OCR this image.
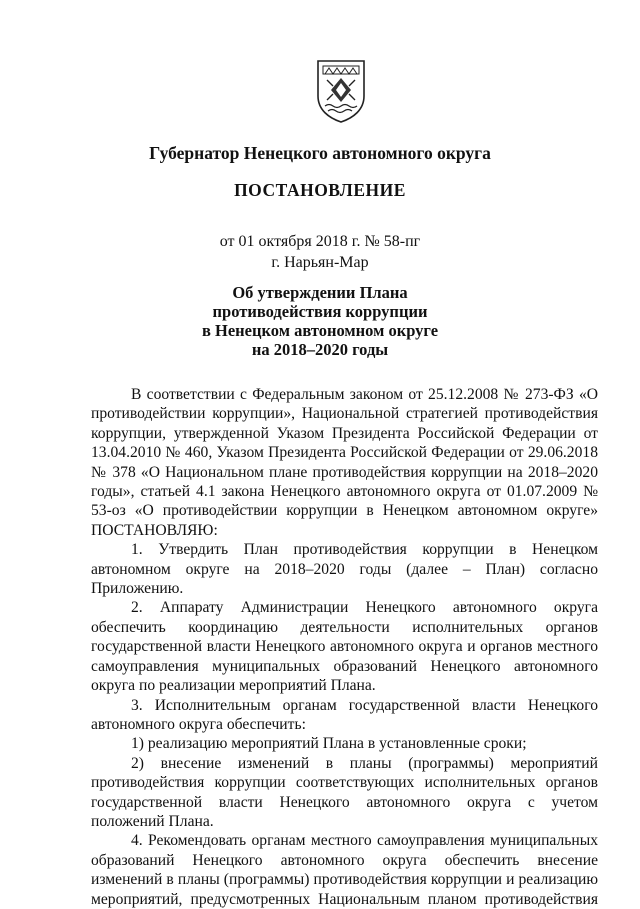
Губернатор Ненецкого автономного округа
ПОСТАНОВЛЕНИЕ
от 01 октября 2018 г. № 58-пг
г. Нарьян-Мар
Об утверждении Плана
противодействия коррупции
в Ненецком автономном округе
на 2018–2020 годы

В соответствии с Федеральным законом от 25.12.2008 № 273-ФЗ «О противодействии коррупции», Национальной стратегией противодействия коррупции, утвержденной Указом Президента Российской Федерации от 13.04.2010 № 460, Указом Президента Российской Федерации от 29.06.2018 № 378 «О Национальном плане противодействия коррупции на 2018–2020 годы», статьей 4.1 закона Ненецкого автономного округа от 01.07.2009 № 53-оз «О противодействии коррупции в Ненецком автономном округе» ПОСТАНОВЛЯЮ:

1. Утвердить План противодействия коррупции в Ненецком автономном округе на 2018–2020 годы (далее – План) согласно Приложению.

2. Аппарату Администрации Ненецкого автономного округа обеспечить координацию деятельности исполнительных органов государственной власти Ненецкого автономного округа и органов местного самоуправления муниципальных образований Ненецкого автономного округа по реализации мероприятий Плана.

3. Исполнительным органам государственной власти Ненецкого автономного округа обеспечить:

1) реализацию мероприятий Плана в установленные сроки;

2) внесение изменений в планы (программы) мероприятий противодействия коррупции соответствующих исполнительных органов государственной власти Ненецкого автономного округа с учетом положений Плана.

4. Рекомендовать органам местного самоуправления муниципальных образований Ненецкого автономного округа обеспечить внесение изменений в планы (программы) противодействия коррупции и реализацию мероприятий, предусмотренных Национальным планом противодействия
